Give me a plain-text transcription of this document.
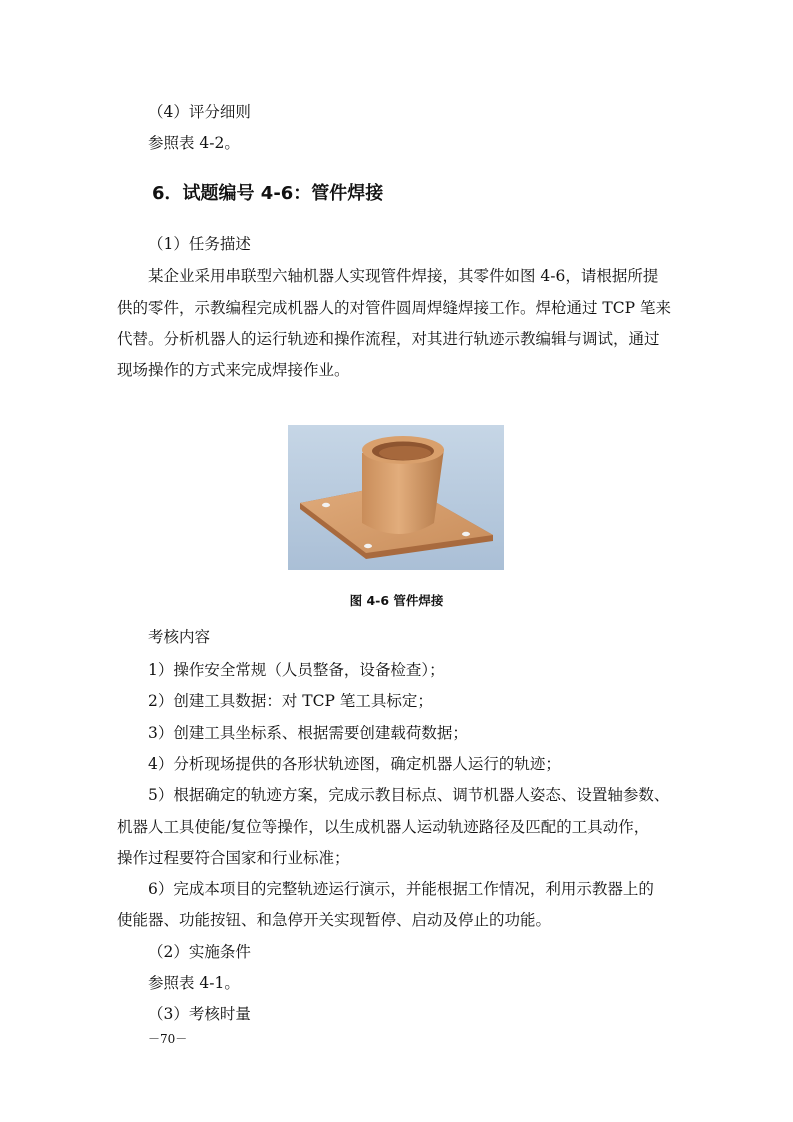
（4）评分细则
参照表 4-2。
6．试题编号 4-6：管件焊接
（1）任务描述
某企业采用串联型六轴机器人实现管件焊接，其零件如图 4-6，请根据所提
供的零件，示教编程完成机器人的对管件圆周焊缝焊接工作。焊枪通过 TCP 笔来
代替。分析机器人的运行轨迹和操作流程，对其进行轨迹示教编辑与调试，通过
现场操作的方式来完成焊接作业。
图 4-6 管件焊接
考核内容
1）操作安全常规（人员整备，设备检查）；
2）创建工具数据：对 TCP 笔工具标定；
3）创建工具坐标系、根据需要创建载荷数据；
4）分析现场提供的各形状轨迹图，确定机器人运行的轨迹；
5）根据确定的轨迹方案，完成示教目标点、调节机器人姿态、设置轴参数、
机器人工具使能/复位等操作，以生成机器人运动轨迹路径及匹配的工具动作，
操作过程要符合国家和行业标准；
6）完成本项目的完整轨迹运行演示，并能根据工作情况，利用示教器上的
使能器、功能按钮、和急停开关实现暂停、启动及停止的功能。
（2）实施条件
参照表 4-1。
（3）考核时量
－70－
